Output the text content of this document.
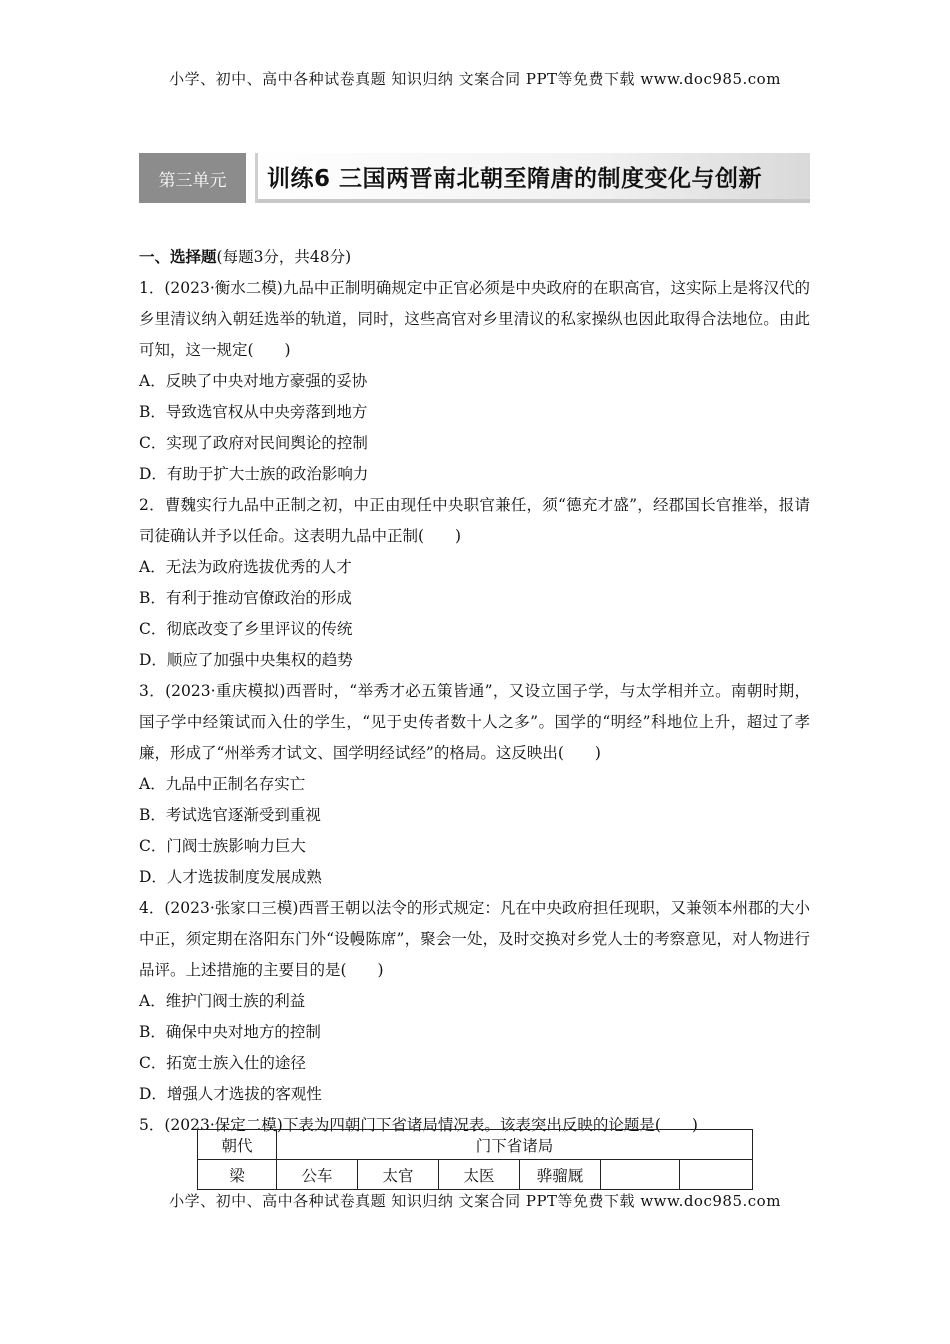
小学、初中、高中各种试卷真题 知识归纳 文案合同 PPT等免费下载 www.doc985.com
第三单元	训练6 三国两晋南北朝至隋唐的制度变化与创新
一、选择题(每题3分，共48分)
1．(2023·衡水二模)九品中正制明确规定中正官必须是中央政府的在职高官，这实际上是将汉代的乡里清议纳入朝廷选举的轨道，同时，这些高官对乡里清议的私家操纵也因此取得合法地位。由此可知，这一规定(　　)
A．反映了中央对地方豪强的妥协
B．导致选官权从中央旁落到地方
C．实现了政府对民间舆论的控制
D．有助于扩大士族的政治影响力
2．曹魏实行九品中正制之初，中正由现任中央职官兼任，须“德充才盛”，经郡国长官推举，报请司徒确认并予以任命。这表明九品中正制(　　)
A．无法为政府选拔优秀的人才
B．有利于推动官僚政治的形成
C．彻底改变了乡里评议的传统
D．顺应了加强中央集权的趋势
3．(2023·重庆模拟)西晋时，“举秀才必五策皆通”，又设立国子学，与太学相并立。南朝时期，国子学中经策试而入仕的学生，“见于史传者数十人之多”。国学的“明经”科地位上升，超过了孝廉，形成了“州举秀才试文、国学明经试经”的格局。这反映出(　　)
A．九品中正制名存实亡
B．考试选官逐渐受到重视
C．门阀士族影响力巨大
D．人才选拔制度发展成熟
4．(2023·张家口三模)西晋王朝以法令的形式规定：凡在中央政府担任现职，又兼领本州郡的大小中正，须定期在洛阳东门外“设幔陈席”，聚会一处，及时交换对乡党人士的考察意见，对人物进行品评。上述措施的主要目的是(　　)
A．维护门阀士族的利益
B．确保中央对地方的控制
C．拓宽士族入仕的途径
D．增强人才选拔的客观性
5．(2023·保定二模)下表为四朝门下省诸局情况表。该表突出反映的论题是(　　)
朝代	门下省诸局					
梁	公车	太官	太医	骅骝厩		
小学、初中、高中各种试卷真题 知识归纳 文案合同 PPT等免费下载 www.doc985.com
